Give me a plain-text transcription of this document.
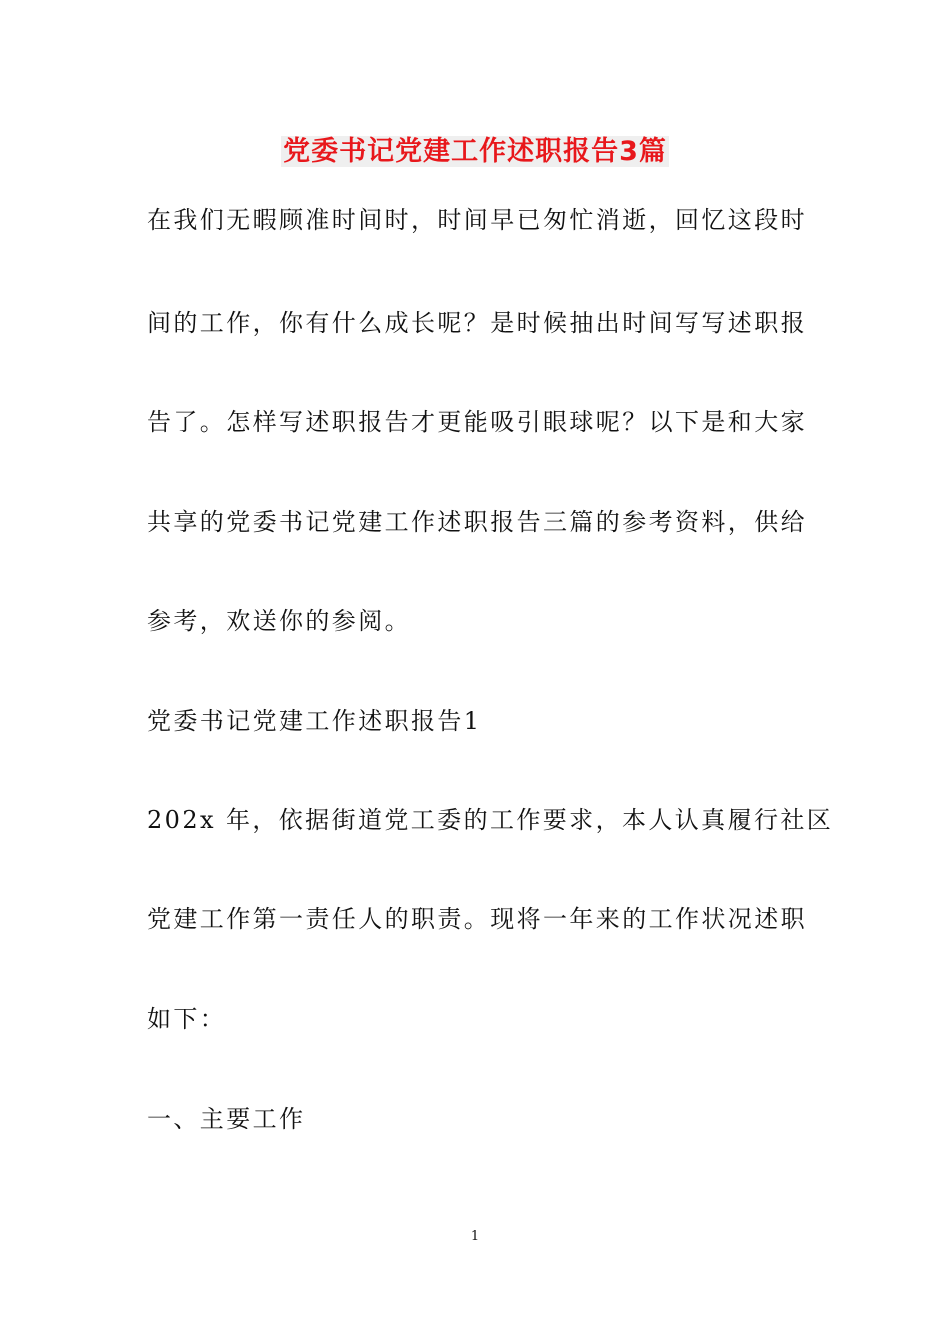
党委书记党建工作述职报告3篇
在我们无暇顾准时间时，时间早已匆忙消逝，回忆这段时
间的工作，你有什么成长呢？是时候抽出时间写写述职报
告了。怎样写述职报告才更能吸引眼球呢？以下是和大家
共享的党委书记党建工作述职报告三篇的参考资料，供给
参考，欢送你的参阅。
党委书记党建工作述职报告1
202x 年，依据街道党工委的工作要求，本人认真履行社区
党建工作第一责任人的职责。现将一年来的工作状况述职
如下：
一、主要工作
1
